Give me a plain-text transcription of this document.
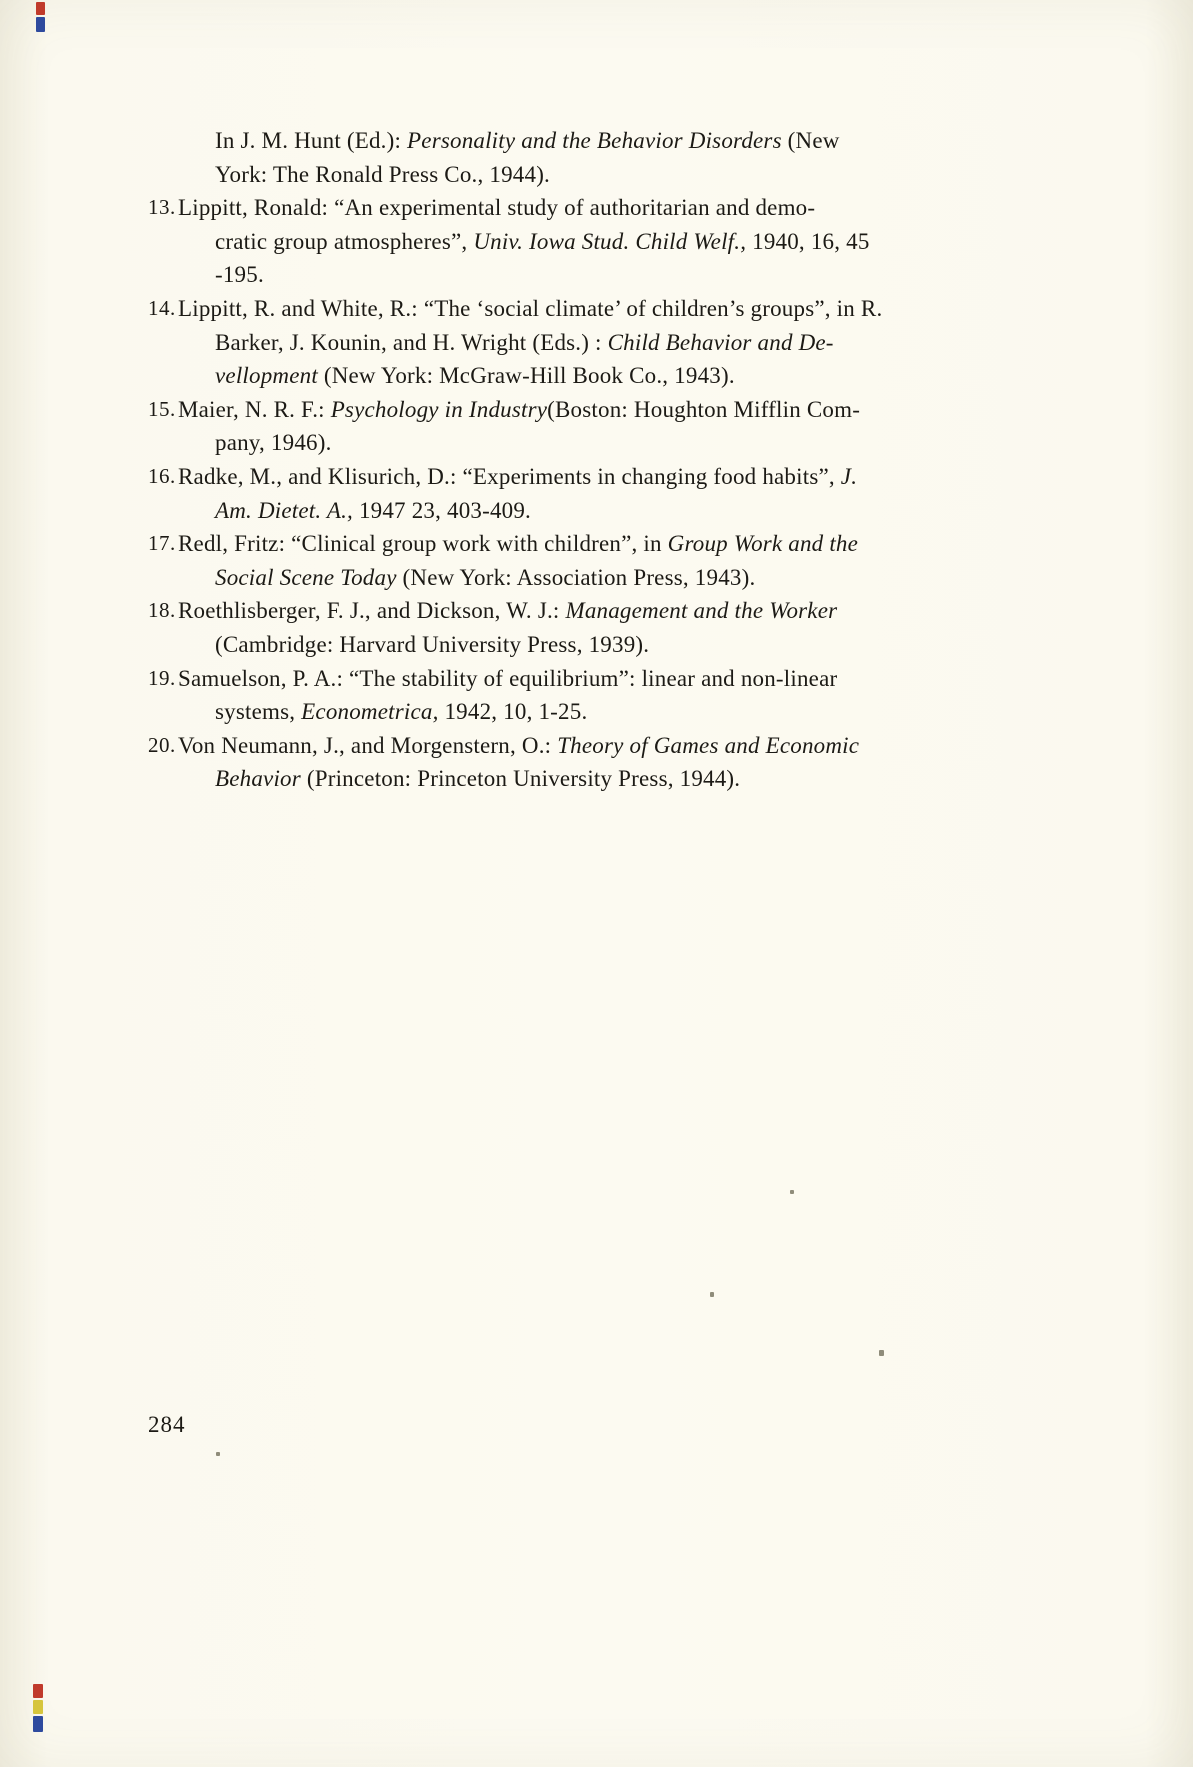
In J. M. Hunt (Ed.): Personality and the Behavior Disorders (New
York: The Ronald Press Co., 1944).
13. Lippitt, Ronald: “An experimental study of authoritarian and demo-
cratic group atmospheres”, Univ. Iowa Stud. Child Welf., 1940, 16, 45
-195.
14. Lippitt, R. and White, R.: “The ‘social climate’ of children’s groups”, in R.
Barker, J. Kounin, and H. Wright (Eds.) : Child Behavior and De-
vellopment (New York: McGraw-Hill Book Co., 1943).
15. Maier, N. R. F.: Psychology in Industry(Boston: Houghton Mifflin Com-
pany, 1946).
16. Radke, M., and Klisurich, D.: “Experiments in changing food habits”, J.
Am. Dietet. A., 1947 23, 403-409.
17. Redl, Fritz: “Clinical group work with children”, in Group Work and the
Social Scene Today (New York: Association Press, 1943).
18. Roethlisberger, F. J., and Dickson, W. J.: Management and the Worker
(Cambridge: Harvard University Press, 1939).
19. Samuelson, P. A.: “The stability of equilibrium”: linear and non-linear
systems, Econometrica, 1942, 10, 1-25.
20. Von Neumann, J., and Morgenstern, O.: Theory of Games and Economic
Behavior (Princeton: Princeton University Press, 1944).
284
